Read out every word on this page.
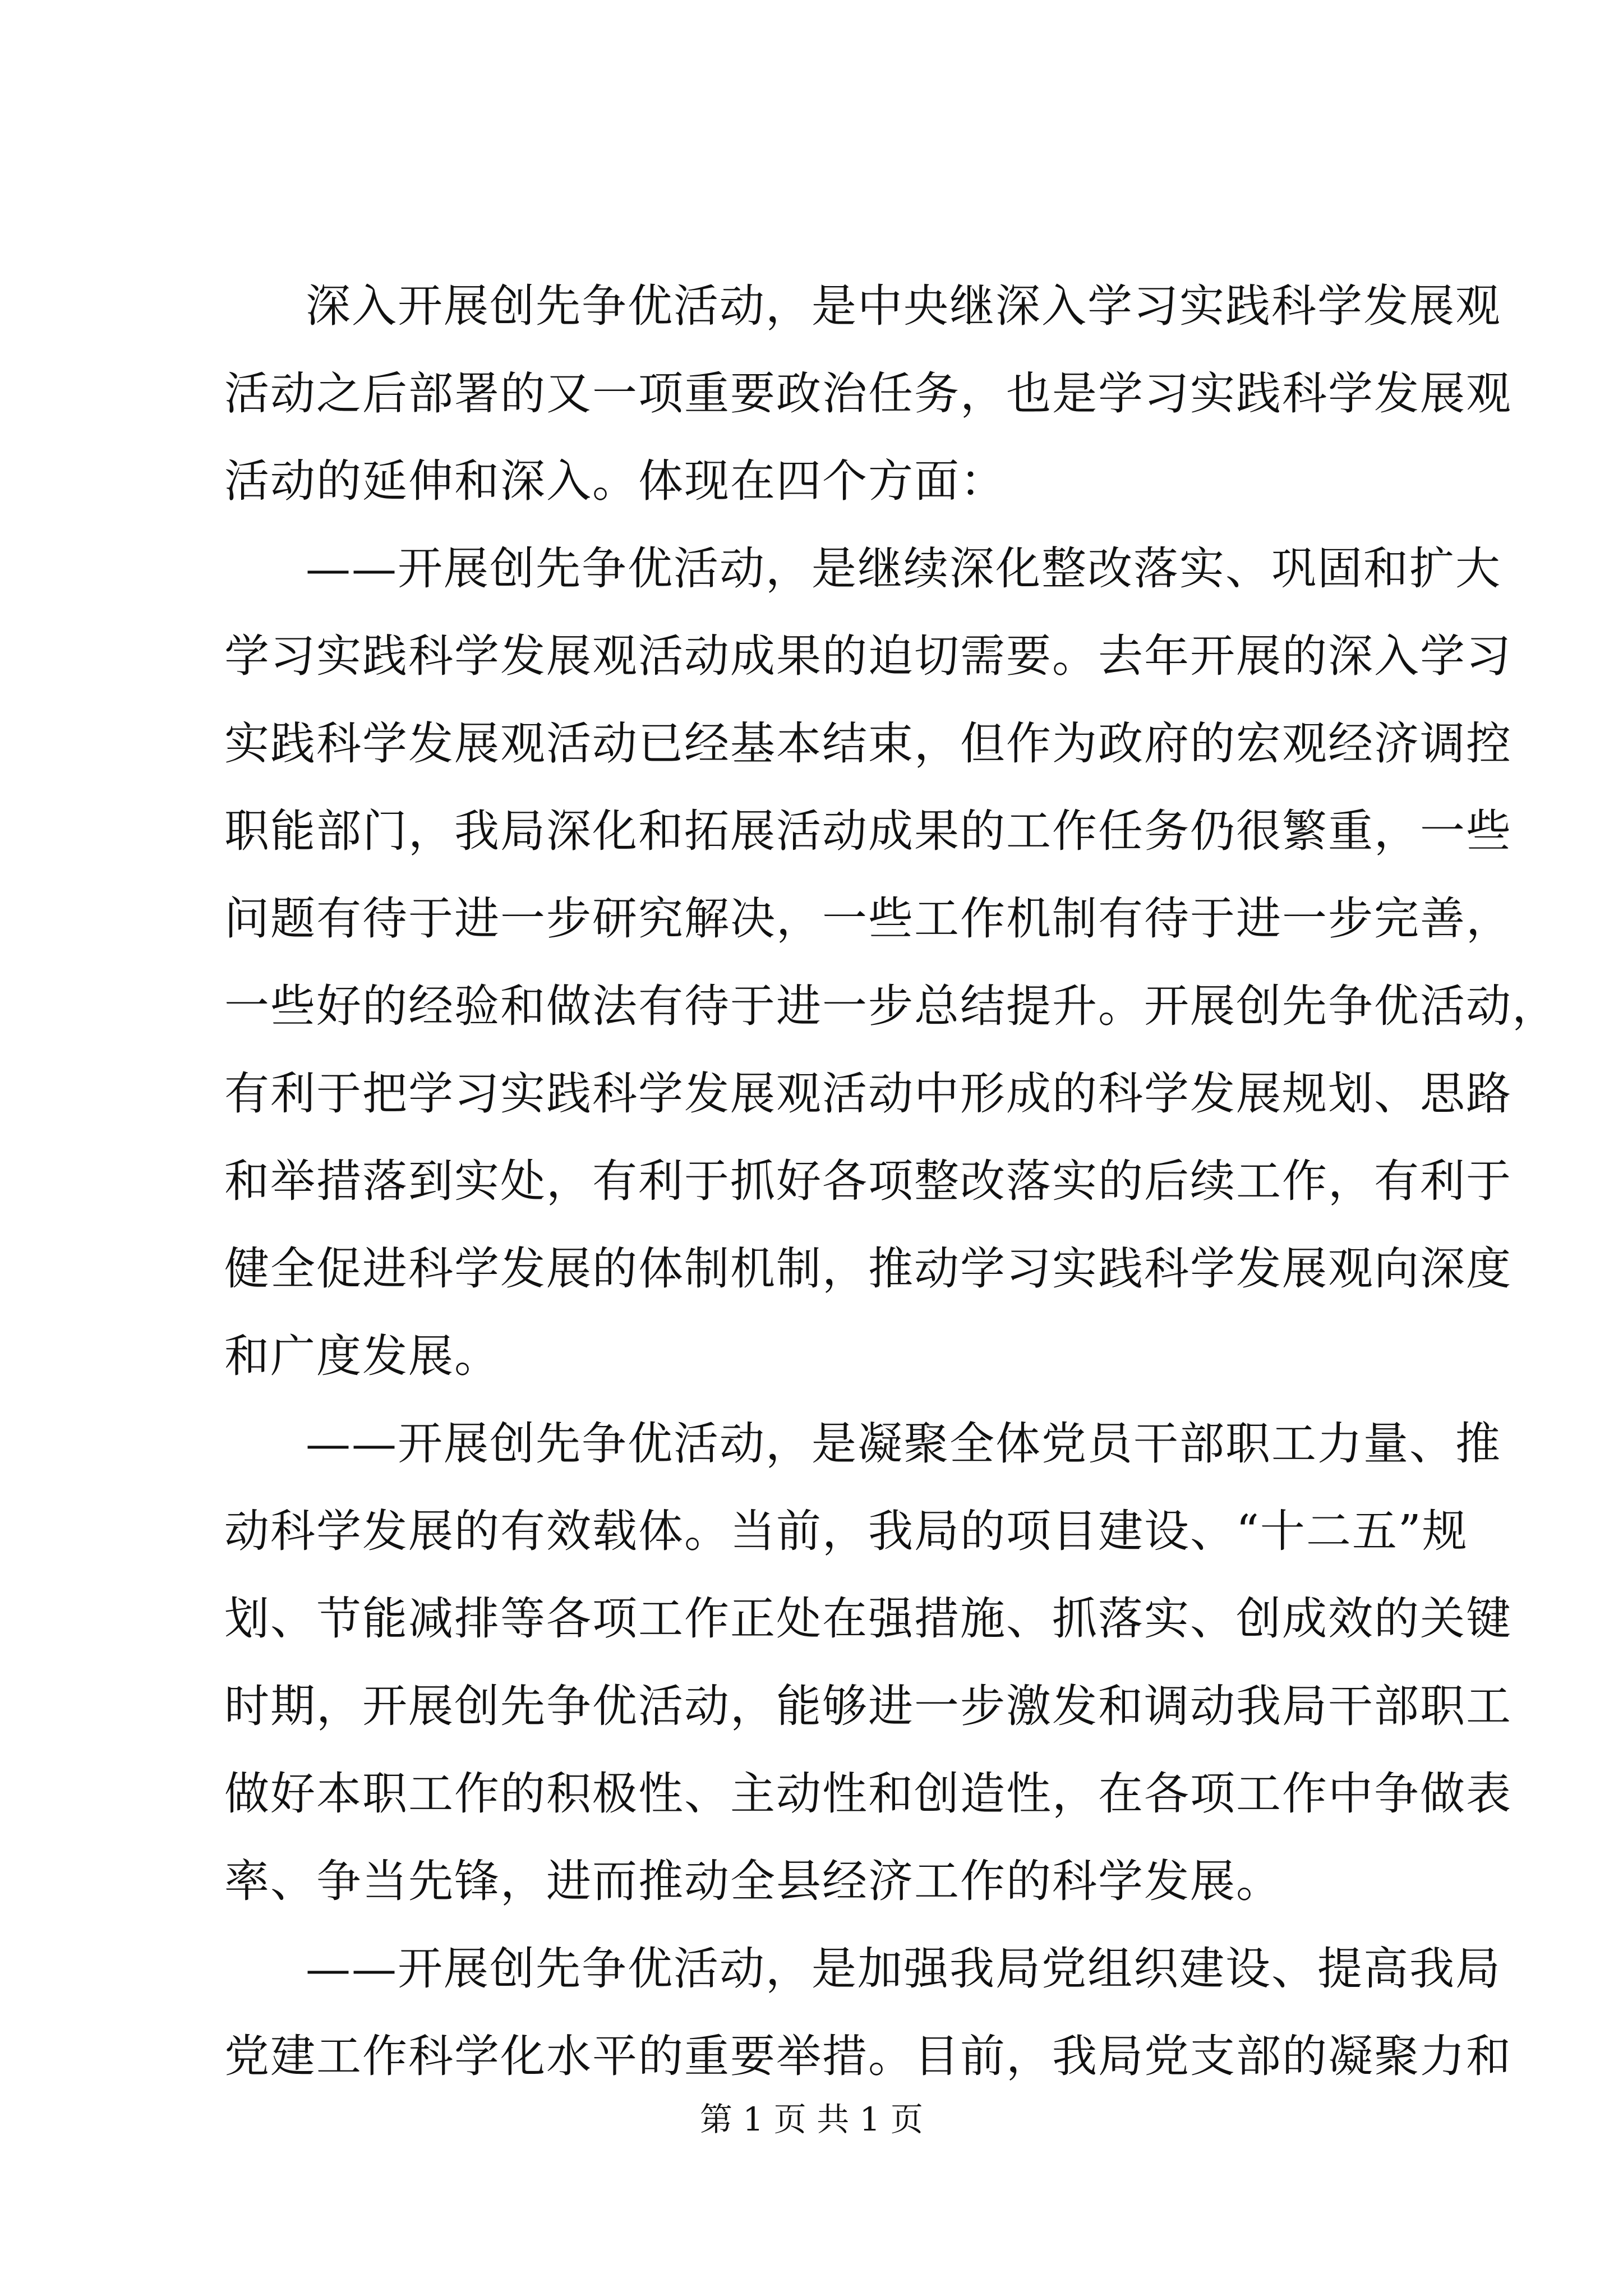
深入开展创先争优活动，是中央继深入学习实践科学发展观
活动之后部署的又一项重要政治任务，也是学习实践科学发展观
活动的延伸和深入。体现在四个方面：
——开展创先争优活动，是继续深化整改落实、巩固和扩大
学习实践科学发展观活动成果的迫切需要。去年开展的深入学习
实践科学发展观活动已经基本结束，但作为政府的宏观经济调控
职能部门，我局深化和拓展活动成果的工作任务仍很繁重，一些
问题有待于进一步研究解决，一些工作机制有待于进一步完善，
一些好的经验和做法有待于进一步总结提升。开展创先争优活动，
有利于把学习实践科学发展观活动中形成的科学发展规划、思路
和举措落到实处，有利于抓好各项整改落实的后续工作，有利于
健全促进科学发展的体制机制，推动学习实践科学发展观向深度
和广度发展。
——开展创先争优活动，是凝聚全体党员干部职工力量、推
动科学发展的有效载体。当前，我局的项目建设、“十二五”规
划、节能减排等各项工作正处在强措施、抓落实、创成效的关键
时期，开展创先争优活动，能够进一步激发和调动我局干部职工
做好本职工作的积极性、主动性和创造性，在各项工作中争做表
率、争当先锋，进而推动全县经济工作的科学发展。
——开展创先争优活动，是加强我局党组织建设、提高我局
党建工作科学化水平的重要举措。目前，我局党支部的凝聚力和
第 1 页 共 1 页
